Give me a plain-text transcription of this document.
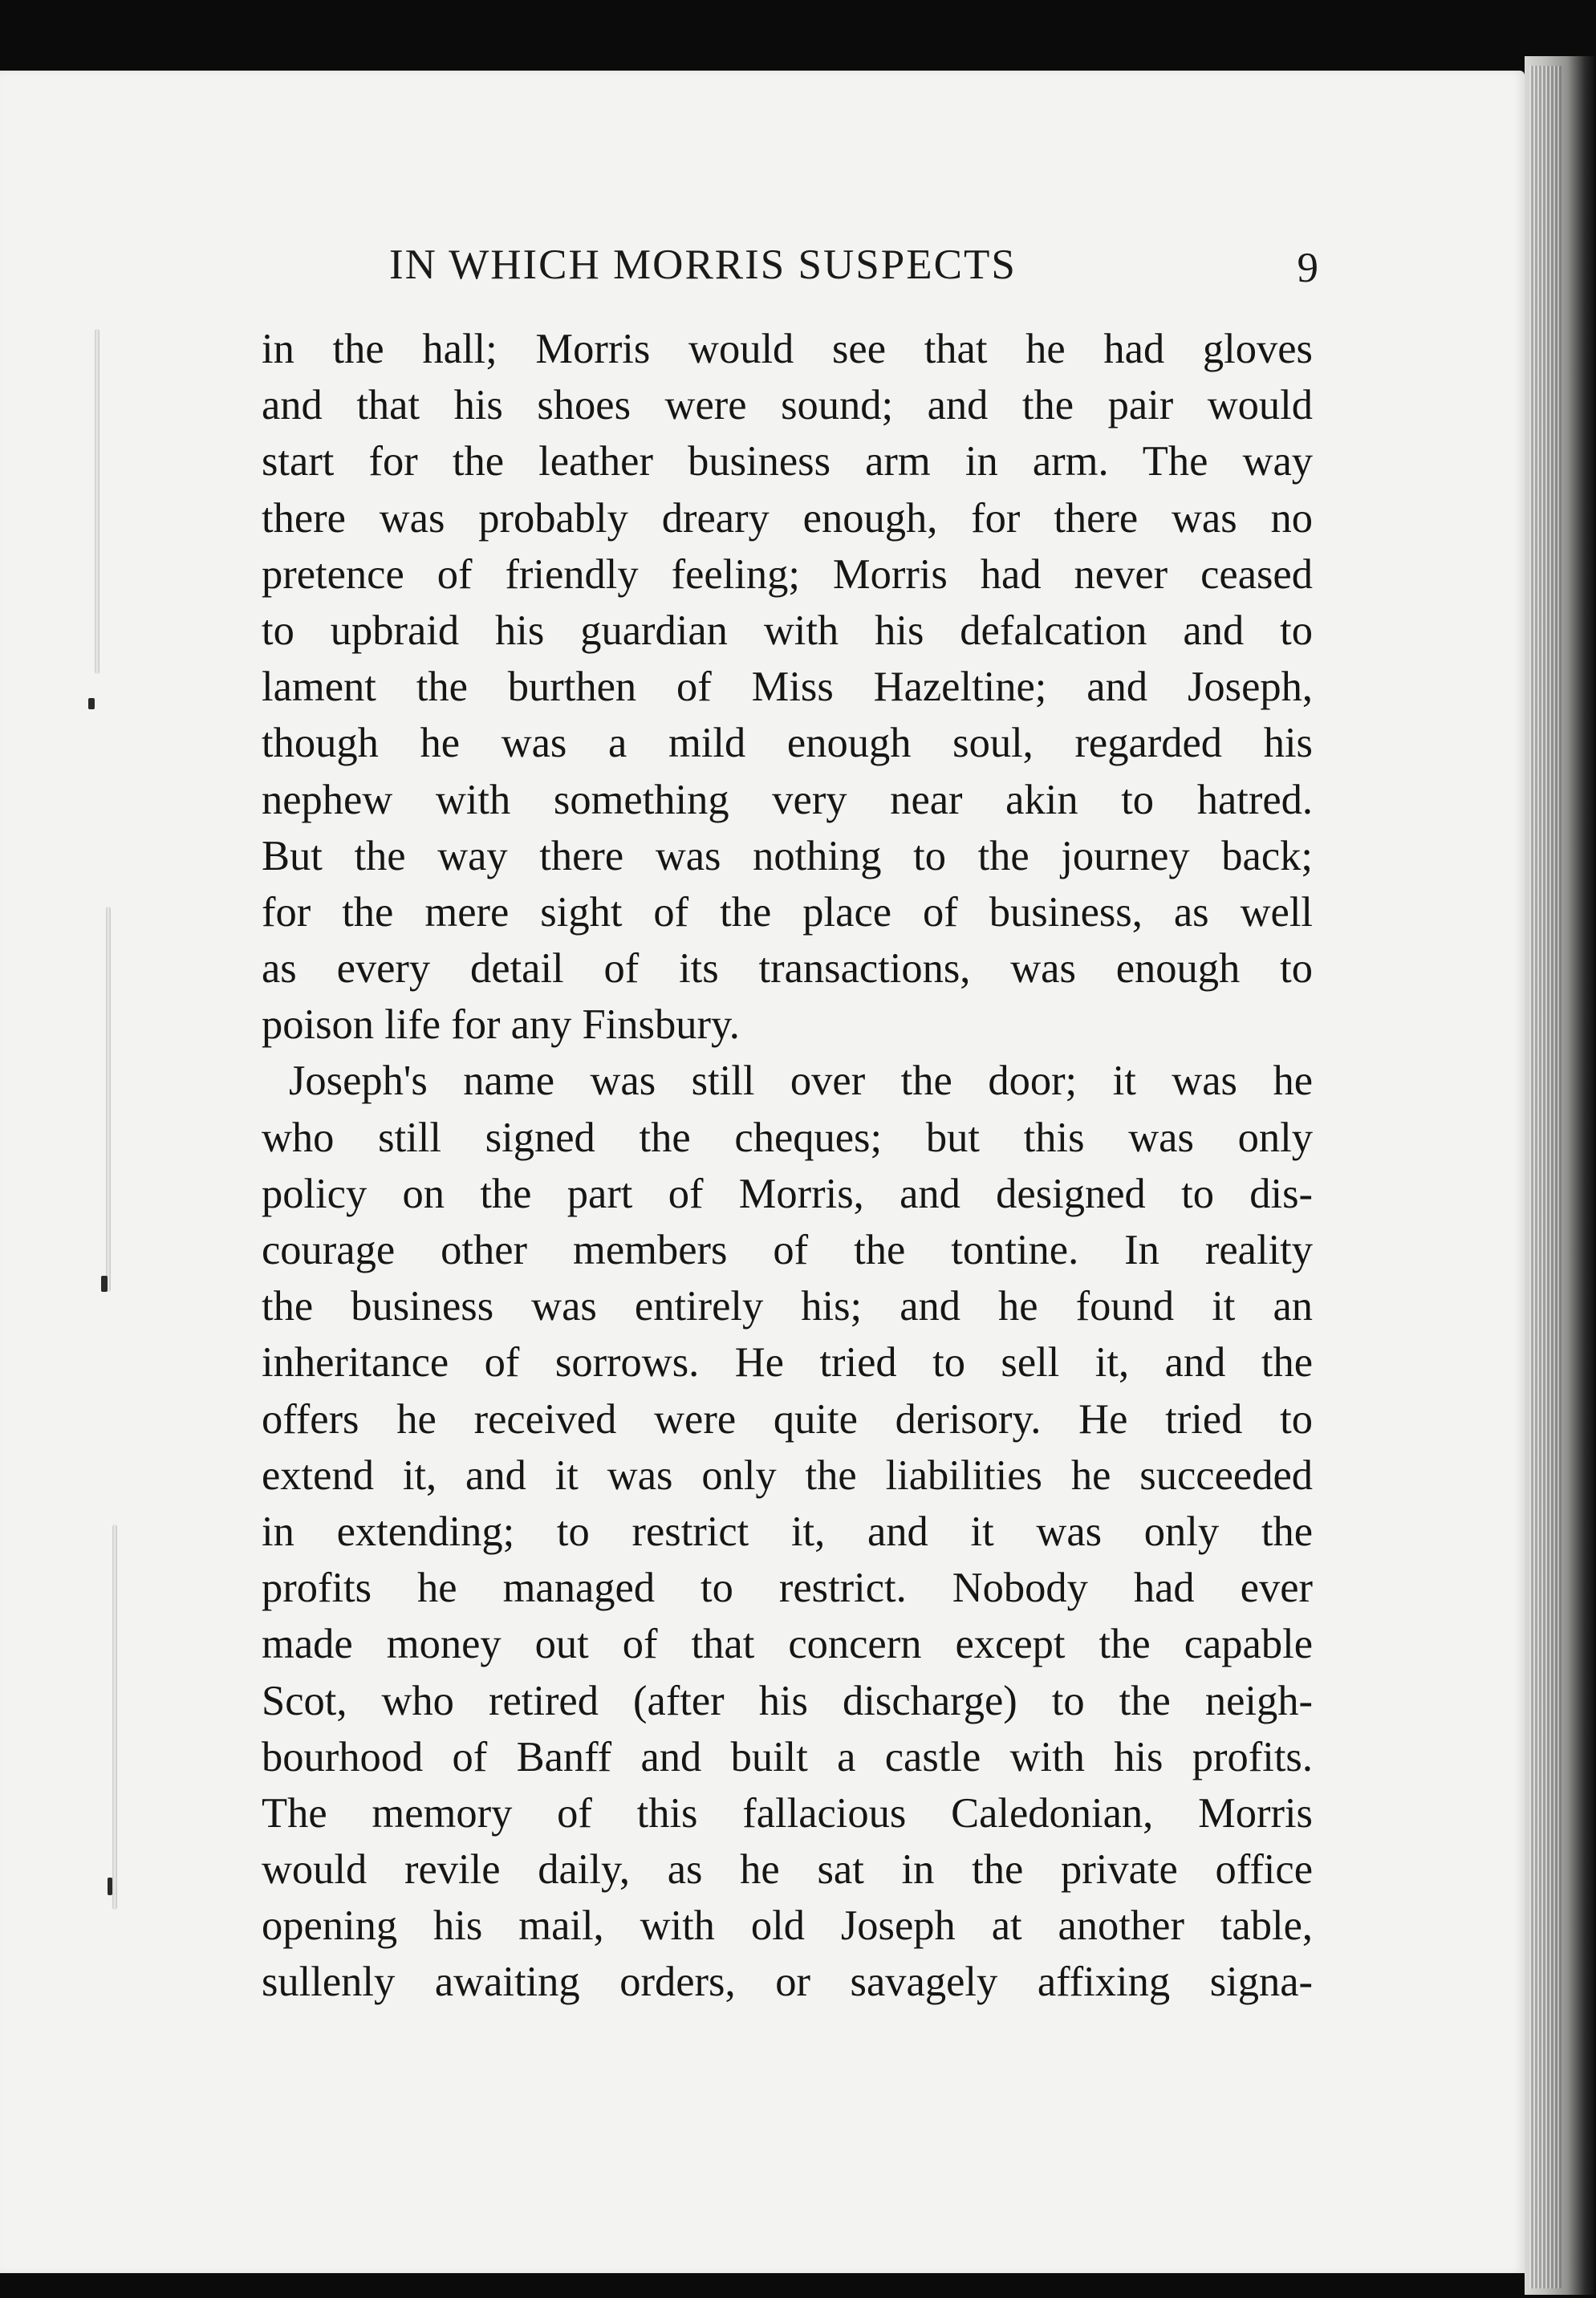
IN WHICH MORRIS SUSPECTS	9
in the hall; Morris would see that he had gloves
and that his shoes were sound; and the pair would
start for the leather business arm in arm. The way
there was probably dreary enough, for there was no
pretence of friendly feeling; Morris had never ceased
to upbraid his guardian with his defalcation and to
lament the burthen of Miss Hazeltine; and Joseph,
though he was a mild enough soul, regarded his
nephew with something very near akin to hatred.
But the way there was nothing to the journey back;
for the mere sight of the place of business, as well
as every detail of its transactions, was enough to
poison life for any Finsbury.
Joseph's name was still over the door; it was he
who still signed the cheques; but this was only
policy on the part of Morris, and designed to dis-
courage other members of the tontine. In reality
the business was entirely his; and he found it an
inheritance of sorrows. He tried to sell it, and the
offers he received were quite derisory. He tried to
extend it, and it was only the liabilities he succeeded
in extending; to restrict it, and it was only the
profits he managed to restrict. Nobody had ever
made money out of that concern except the capable
Scot, who retired (after his discharge) to the neigh-
bourhood of Banff and built a castle with his profits.
The memory of this fallacious Caledonian, Morris
would revile daily, as he sat in the private office
opening his mail, with old Joseph at another table,
sullenly awaiting orders, or savagely affixing signa-
